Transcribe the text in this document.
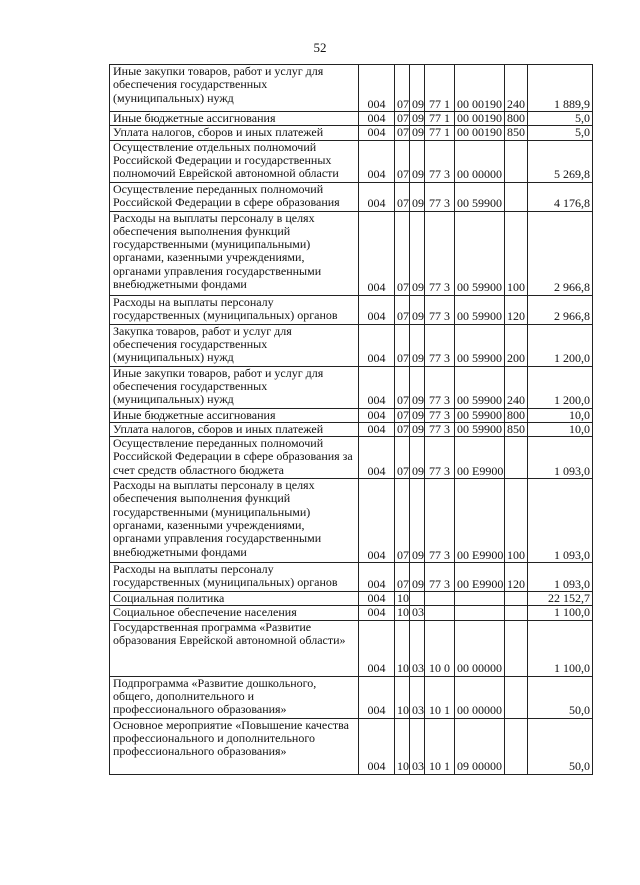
52
Иные закупки товаров, работ и услуг для обеспечения государственных (муниципальных) нужд	004	07	09	77 1	00 00190	240	1 889,9
Иные бюджетные ассигнования	004	07	09	77 1	00 00190	800	5,0
Уплата налогов, сборов и иных платежей	004	07	09	77 1	00 00190	850	5,0
Осуществление отдельных полномочий Российской Федерации и государственных полномочий Еврейской автономной области	004	07	09	77 3	00 00000		5 269,8
Осуществление переданных полномочий Российской Федерации в сфере образования	004	07	09	77 3	00 59900		4 176,8
Расходы на выплаты персоналу в целях обеспечения выполнения функций государственными (муниципальными) органами, казенными учреждениями, органами управления государственными внебюджетными фондами	004	07	09	77 3	00 59900	100	2 966,8
Расходы на выплаты персоналу государственных (муниципальных) органов	004	07	09	77 3	00 59900	120	2 966,8
Закупка товаров, работ и услуг для обеспечения государственных (муниципальных) нужд	004	07	09	77 3	00 59900	200	1 200,0
Иные закупки товаров, работ и услуг для обеспечения государственных (муниципальных) нужд	004	07	09	77 3	00 59900	240	1 200,0
Иные бюджетные ассигнования	004	07	09	77 3	00 59900	800	10,0
Уплата налогов, сборов и иных платежей	004	07	09	77 3	00 59900	850	10,0
Осуществление переданных полномочий Российской Федерации в сфере образования за счет средств областного бюджета	004	07	09	77 3	00 Е9900		1 093,0
Расходы на выплаты персоналу в целях обеспечения выполнения функций государственными (муниципальными) органами, казенными учреждениями, органами управления государственными внебюджетными фондами	004	07	09	77 3	00 Е9900	100	1 093,0
Расходы на выплаты персоналу государственных (муниципальных) органов	004	07	09	77 3	00 Е9900	120	1 093,0
Социальная политика	004	10					22 152,7
Социальное обеспечение населения	004	10	03				1 100,0
Государственная программа «Развитие образования Еврейской автономной области»	004	10	03	10 0	00 00000		1 100,0
Подпрограмма «Развитие дошкольного, общего, дополнительного и профессионального образования»	004	10	03	10 1	00 00000		50,0
Основное мероприятие «Повышение качества профессионального и дополнительного профессионального образования»	004	10	03	10 1	09 00000		50,0
